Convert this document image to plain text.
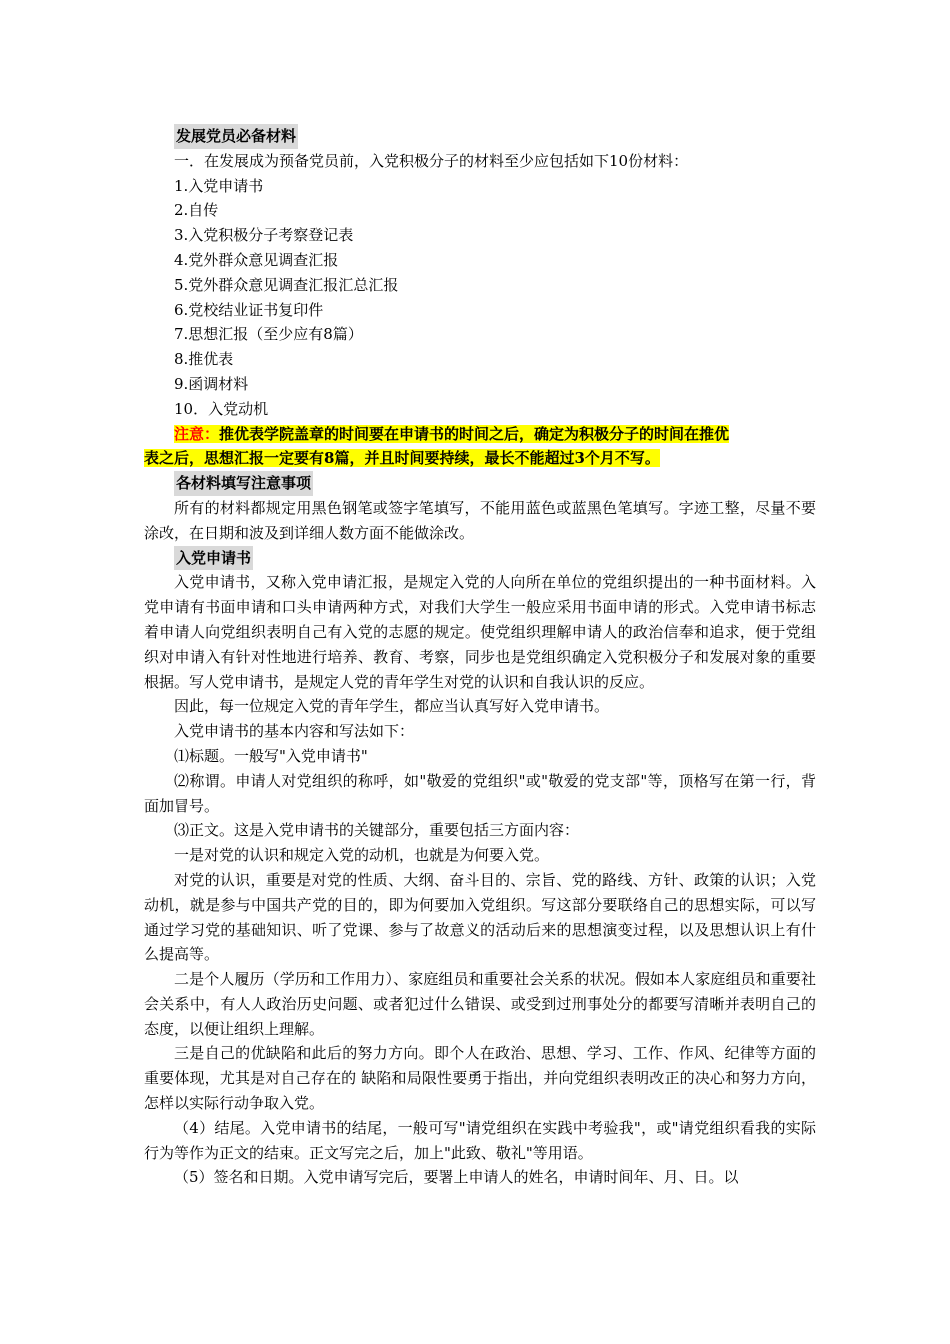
发展党员必备材料
一．在发展成为预备党员前，入党积极分子的材料至少应包括如下10份材料：
1.入党申请书
2.自传
3.入党积极分子考察登记表
4.党外群众意见调查汇报
5.党外群众意见调查汇报汇总汇报
6.党校结业证书复印件
7.思想汇报（至少应有8篇）
8.推优表
9.函调材料
10．入党动机
注意：推优表学院盖章的时间要在申请书的时间之后，确定为积极分子的时间在推优
表之后，思想汇报一定要有8篇，并且时间要持续，最长不能超过3个月不写。
各材料填写注意事项

所有的材料都规定用黑色钢笔或签字笔填写，不能用蓝色或蓝黑色笔填写。字迹工整，尽量不要涂改，在日期和波及到详细人数方面不能做涂改。

入党申请书

入党申请书，又称入党申请汇报，是规定入党的人向所在单位的党组织提出的一种书面材料。入党申请有书面申请和口头申请两种方式，对我们大学生一般应采用书面申请的形式。入党申请书标志着申请人向党组织表明自己有入党的志愿的规定。使党组织理解申请人的政治信奉和追求，便于党组织对申请入有针对性地进行培养、教育、考察，同步也是党组织确定入党积极分子和发展对象的重要根据。写人党申请书，是规定人党的青年学生对党的认识和自我认识的反应。

因此，每一位规定入党的青年学生，都应当认真写好入党申请书。

入党申请书的基本内容和写法如下：

⑴标题。一般写"入党申请书"

⑵称谓。申请人对党组织的称呼，如"敬爱的党组织"或"敬爱的党支部"等，顶格写在第一行，背面加冒号。

⑶正文。这是入党申请书的关键部分，重要包括三方面内容：

一是对党的认识和规定入党的动机，也就是为何要入党。

对党的认识，重要是对党的性质、大纲、奋斗目的、宗旨、党的路线、方针、政策的认识；入党动机，就是参与中国共产党的目的，即为何要加入党组织。写这部分要联络自己的思想实际，可以写通过学习党的基础知识、听了党课、参与了故意义的活动后来的思想演变过程，以及思想认识上有什么提高等。

二是个人履历（学历和工作用力）、家庭组员和重要社会关系的状况。假如本人家庭组员和重要社会关系中，有人人政治历史问题、或者犯过什么错误、或受到过刑事处分的都要写清晰并表明自己的态度，以便让组织上理解。

三是自己的优缺陷和此后的努力方向。即个人在政治、思想、学习、工作、作风、纪律等方面的重要体现，尤其是对自己存在的 缺陷和局限性要勇于指出，并向党组织表明改正的决心和努力方向，怎样以实际行动争取入党。

（4）结尾。入党申请书的结尾，一般可写"请党组织在实践中考验我"，或"请党组织看我的实际行为等作为正文的结束。正文写完之后，加上"此致、敬礼"等用语。

（5）签名和日期。入党申请写完后，要署上申请人的姓名，申请时间年、月、日。以
